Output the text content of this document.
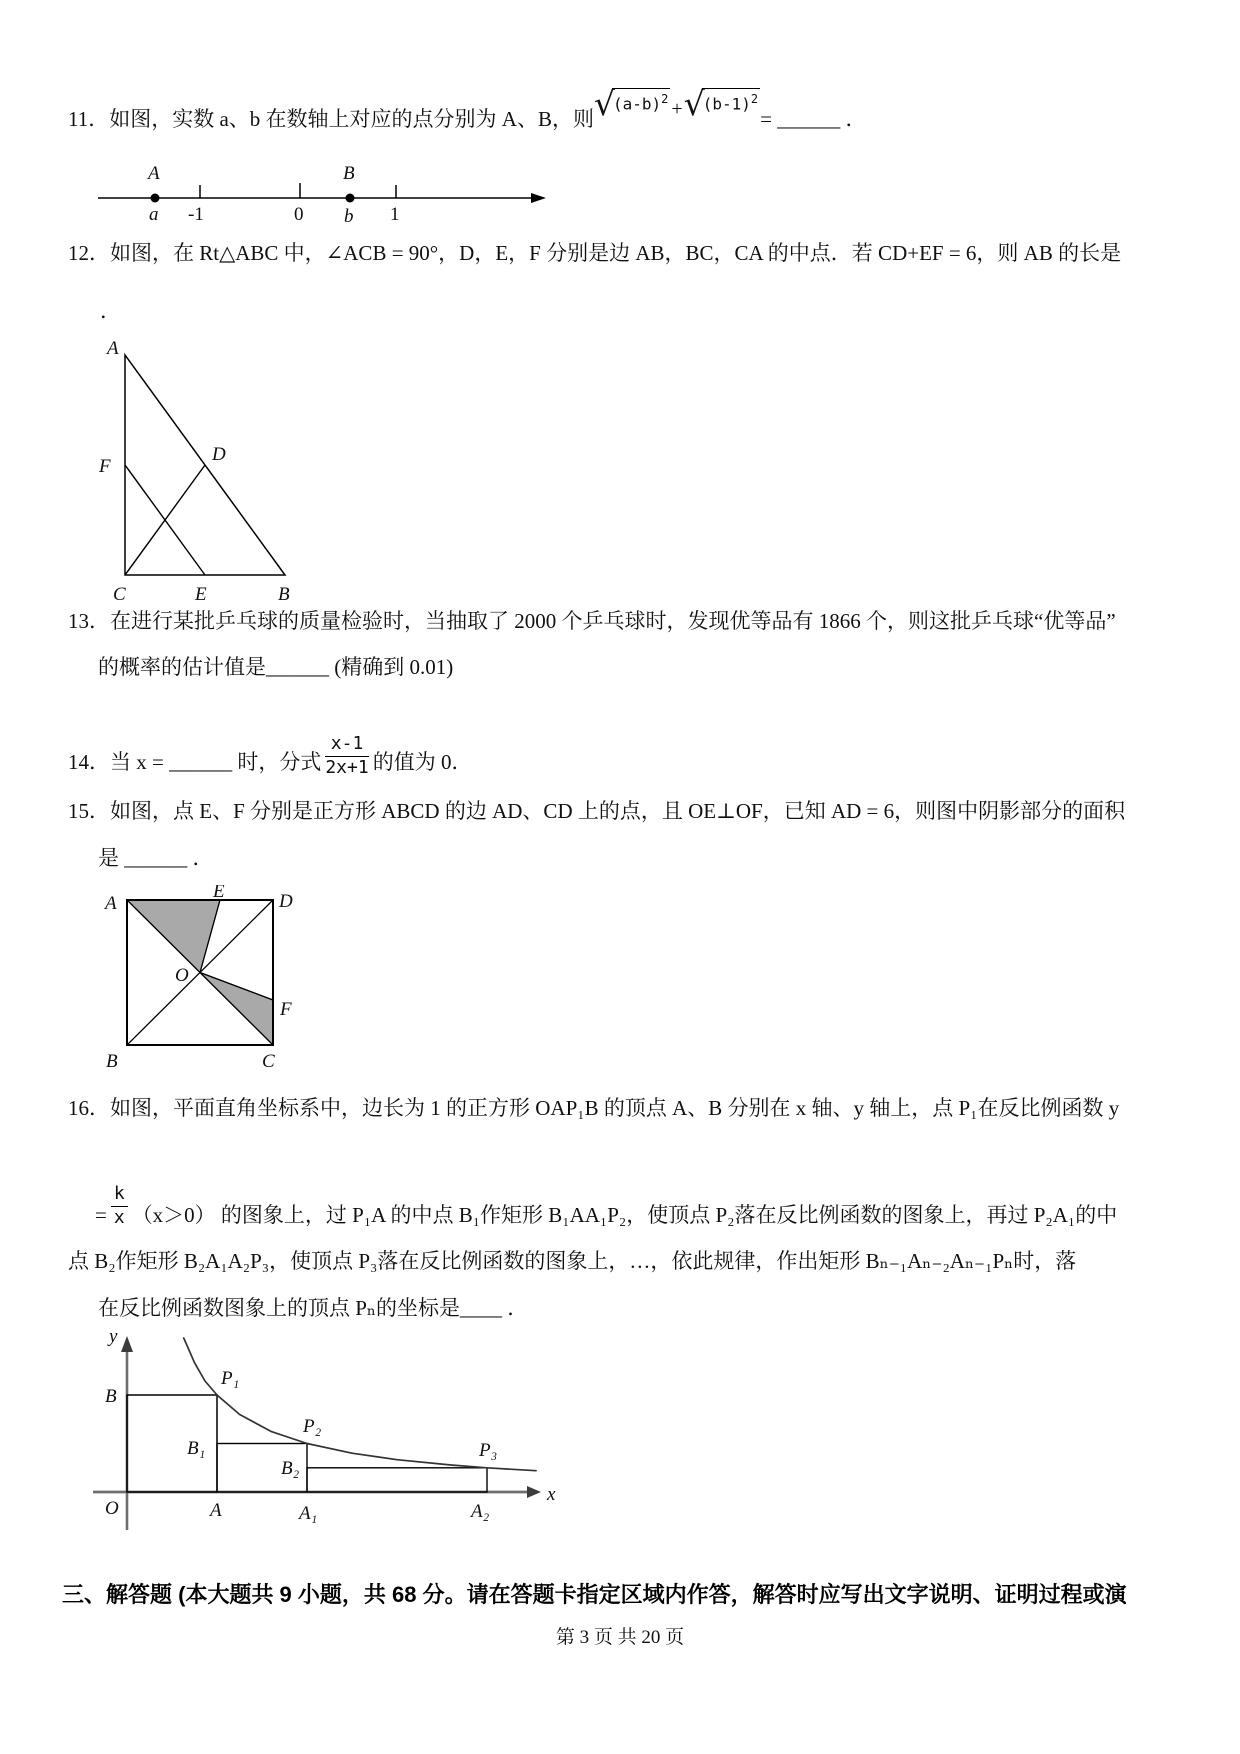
11．如图，实数 a、b 在数轴上对应的点分别为 A、B，则 √
$(a-b)^2$ + √
$(b-1)^2$
= ______ ．
A	B
a -1	0 b 1
12．如图，在 Rt△ABC 中，∠ACB = 90°，D，E，F 分别是边 AB，BC，CA 的中点．若 CD+EF = 6，则 AB 的长是
．
A
F
D
C	E	B
13．在进行某批乒乓球的质量检验时，当抽取了 2000 个乒乓球时，发现优等品有 1866 个，则这批乒乓球“优等品”
的概率的估计值是______ (精确到 0.01)
14．当 x = ______ 时，分式 $\frac{x-1}{2x+1}$ 的值为 0．
15．如图，点 E、F 分别是正方形 ABCD 的边 AD、CD 上的点，且 OE⊥OF，已知 AD = 6，则图中阴影部分的面积
是 ______ ．
A
E	D
O
F
B	C
16．如图，平面直角坐标系中，边长为 1 的正方形 OAP₁B 的顶点 A、B 分别在 x 轴、y 轴上，点 P₁在反比例函数 y
= $\frac{k}{x} (x>0)$ 的图象上，过 P₁A 的中点 B₁作矩形 B₁AA₁P₂，使顶点 P₂落在反比例函数的图象上，再过 P₂A₁的中
点 B₂作矩形 B₂A₁A₂P₃，使顶点 P₃落在反比例函数的图象上，…，依此规律，作出矩形 Bₙ₋₁Aₙ₋₂Aₙ₋₁Pₙ时，落
在反比例函数图象上的顶点 Pₙ的坐标是____ ．
y
B
P₁
B₁
P₂
B₂
P₃
O	A	A₁	A₂
x
三、解答题 (本大题共 9 小题，共 68 分。请在答题卡指定区域内作答，解答时应写出文字说明、证明过程或演
第 3 页 共 20 页
